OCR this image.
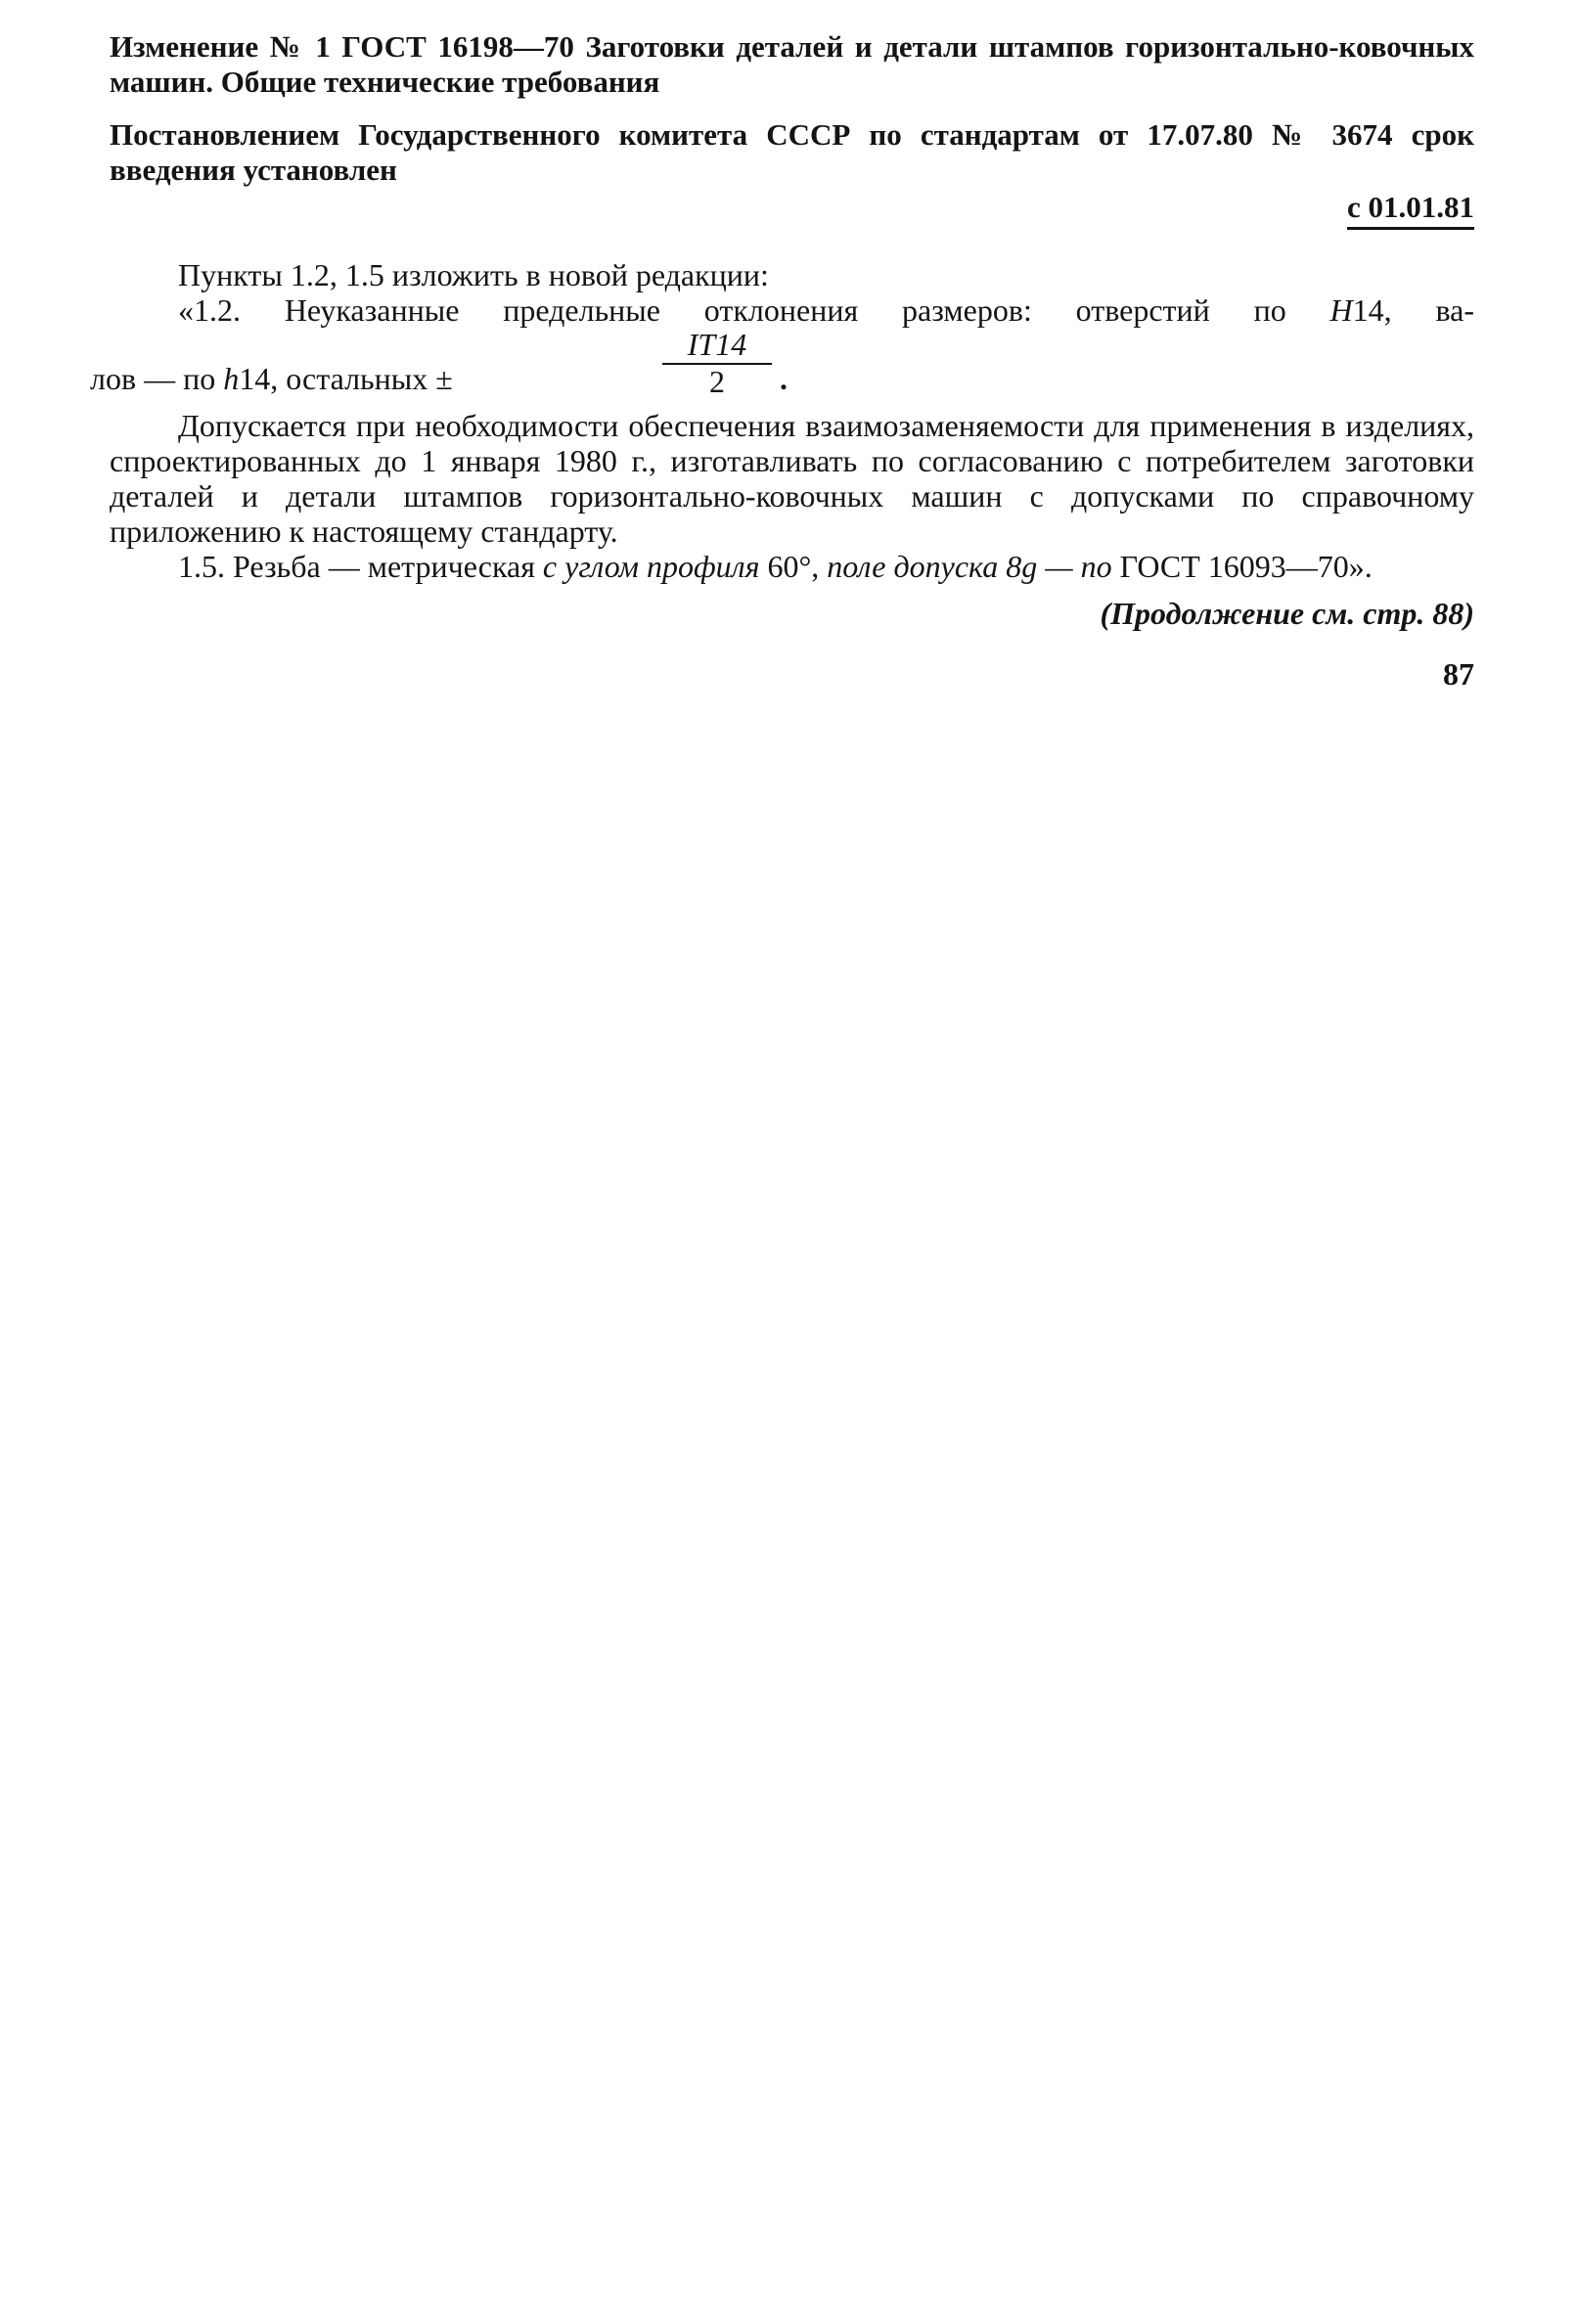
Изменение № 1 ГОСТ 16198—70 Заготовки деталей и детали штампов горизонтально-ковочных машин. Общие технические требования

Постановлением Государственного комитета СССР по стандартам от 17.07.80 № 3674 срок введения установлен

с 01.01.81

Пункты 1.2, 1.5 изложить в новой редакции:

«1.2. Неуказанные предельные отклонения размеров: отверстий по H14, ва-

лов — по h14, остальных ±
IT14
2	.

Допускается при необходимости обеспечения взаимозаменяемости для применения в изделиях, спроектированных до 1 января 1980 г., изготавливать по согласованию с потребителем заготовки деталей и детали штампов горизонтально-ковочных машин с допусками по справочному приложению к настоящему стандарту.

1.5. Резьба — метрическая с углом профиля 60°, поле допуска 8g — по ГОСТ 16093—70».

(Продолжение см. стр. 88)
87
